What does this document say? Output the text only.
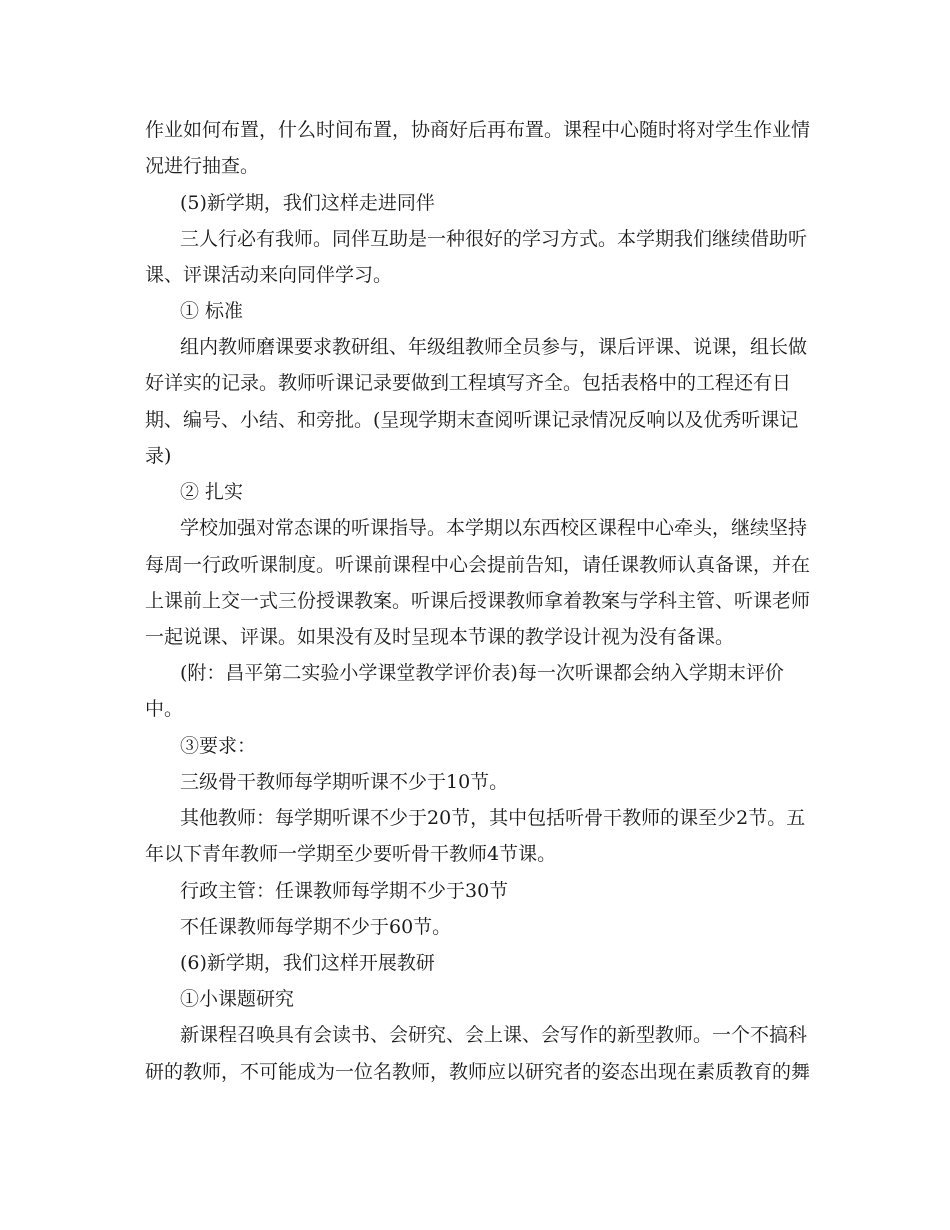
作业如何布置，什么时间布置，协商好后再布置。课程中心随时将对学生作业情
况进行抽查。
(5)新学期，我们这样走进同伴
三人行必有我师。同伴互助是一种很好的学习方式。本学期我们继续借助听
课、评课活动来向同伴学习。
① 标准
组内教师磨课要求教研组、年级组教师全员参与，课后评课、说课，组长做
好详实的记录。教师听课记录要做到工程填写齐全。包括表格中的工程还有日
期、编号、小结、和旁批。(呈现学期末查阅听课记录情况反响以及优秀听课记
录)
② 扎实
学校加强对常态课的听课指导。本学期以东西校区课程中心牵头，继续坚持
每周一行政听课制度。听课前课程中心会提前告知，请任课教师认真备课，并在
上课前上交一式三份授课教案。听课后授课教师拿着教案与学科主管、听课老师
一起说课、评课。如果没有及时呈现本节课的教学设计视为没有备课。
(附：昌平第二实验小学课堂教学评价表)每一次听课都会纳入学期末评价
中。
③要求：
三级骨干教师每学期听课不少于10节。
其他教师：每学期听课不少于20节，其中包括听骨干教师的课至少2节。五
年以下青年教师一学期至少要听骨干教师4节课。
行政主管：任课教师每学期不少于30节
不任课教师每学期不少于60节。
(6)新学期，我们这样开展教研
①小课题研究
新课程召唤具有会读书、会研究、会上课、会写作的新型教师。一个不搞科
研的教师，不可能成为一位名教师，教师应以研究者的姿态出现在素质教育的舞
